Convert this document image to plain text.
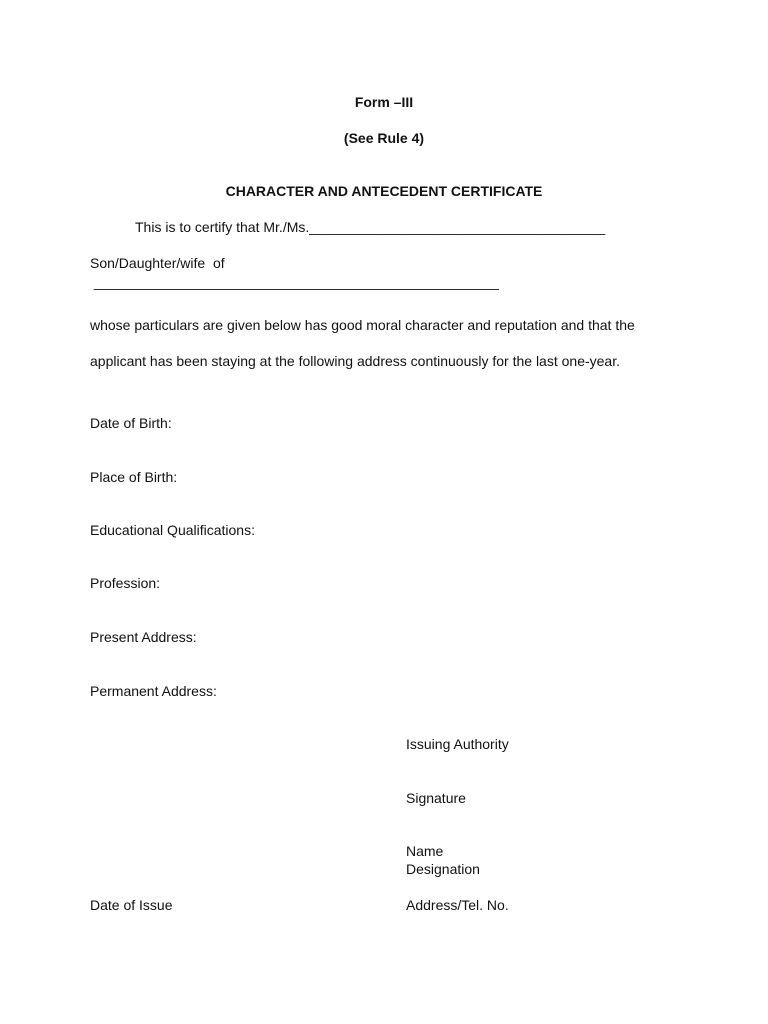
Form –III
(See Rule 4)
CHARACTER AND ANTECEDENT CERTIFICATE
This is to certify that Mr./Ms.______________________________________
Son/Daughter/wife  of
____________________________________________________
whose particulars are given below has good moral character and reputation and that the
applicant has been staying at the following address continuously for the last one-year.
Date of Birth:
Place of Birth:
Educational Qualifications:
Profession:
Present Address:
Permanent Address:
Issuing Authority
Signature
Name
Designation
Address/Tel. No.
Date of Issue
